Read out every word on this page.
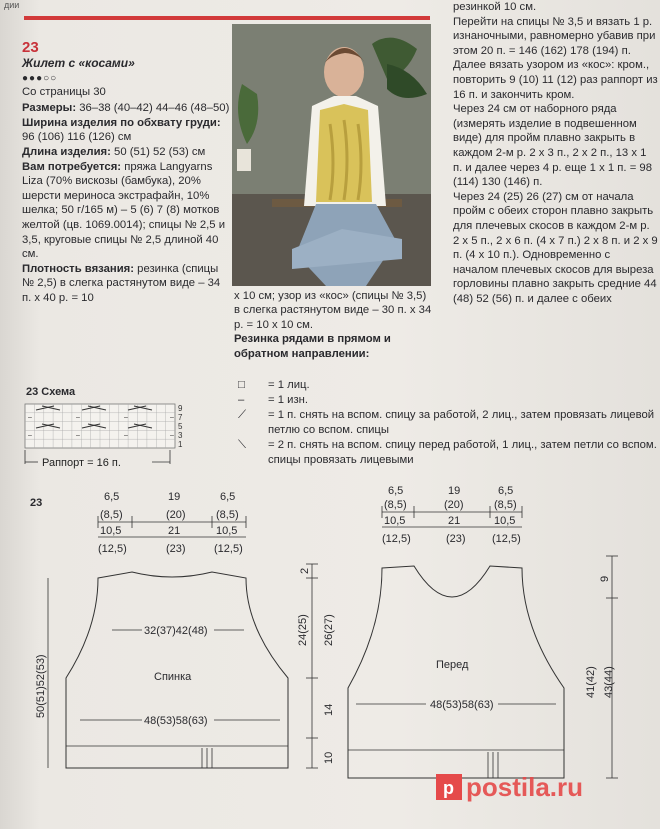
дии
23
Жилет с «косами»
●●●○○
Со страницы 30
Размеры: 36–38 (40–42) 44–46 (48–50)
Ширина изделия по обхвату груди: 96 (106) 116 (126) см
Длина изделия: 50 (51) 52 (53) см
Вам потребуется: пряжа Langyarns Liza (70% вискозы (бамбука), 20% шерсти мериноса экстрафайн, 10% шелка; 50 г/165 м) – 5 (6) 7 (8) мотков желтой (цв. 1069.0014); спицы № 2,5 и 3,5, круговые спицы № 2,5 длиной 40 см.
Плотность вязания: резинка (спицы № 2,5) в слегка растянутом виде – 34 п. х 40 р. = 10	х 10 см; узор из «кос» (спицы № 3,5) в слегка растянутом виде – 30 п. х 34 р. = 10 х 10 см.
Резинка рядами в прямом и обратном направлении:
резинкой 10 см.
Перейти на спицы № 3,5 и вязать 1 р. изнаночными, равномерно убавив при этом 20 п. = 146 (162) 178 (194) п. Далее вязать узором из «кос»: кром., повторить 9 (10) 11 (12) раз раппорт из 16 п. и закончить кром.
Через 24 см от наборного ряда (измерять изделие в подвешенном виде) для пройм плавно закрыть в каждом 2-м р. 2 х 3 п., 2 х 2 п., 13 х 1 п. и далее через 4 р. еще 1 х 1 п. = 98 (114) 130 (146) п.
Через 24 (25) 26 (27) см от начала пройм с обеих сторон плавно закрыть для плечевых скосов в каждом 2-м р. 2 х 5 п., 2 х 6 п. (4 х 7 п.) 2 х 8 п. и 2 х 9 п. (4 х 10 п.). Одновременно с началом плечевых скосов для выреза горловины плавно закрыть средние 44 (48) 52 (56) п. и далее с обеих
23 Схема
–	–	–	–
–	–	–	–
9
7
5
3
1
Раппорт = 16 п.
□	= 1 лиц.
–	= 1 изн.
⟋	= 1 п. снять на вспом. спицу за работой, 2 лиц., затем провязать лицевой петлю со вспом. спицы
⟍	= 2 п. снять на вспом. спицу перед работой, 1 лиц., затем петли со вспом. спицы провязать лицевыми
23	6,5
(8,5)
10,5
(12,5)
19
(20)
21
(23)
6,5
(8,5)
10,5
(12,5)
6,5
(8,5)
10,5
(12,5)
19
(20)
21
(23)
6,5
(8,5)
10,5
(12,5)
32(37)42(48)
48(53)58(63)
Спинка
50(51)52(53)
2
24(25) 26(27)
14
10
48(53)58(63)
Перед
9
41(42) 43(44)
p postila.ru
